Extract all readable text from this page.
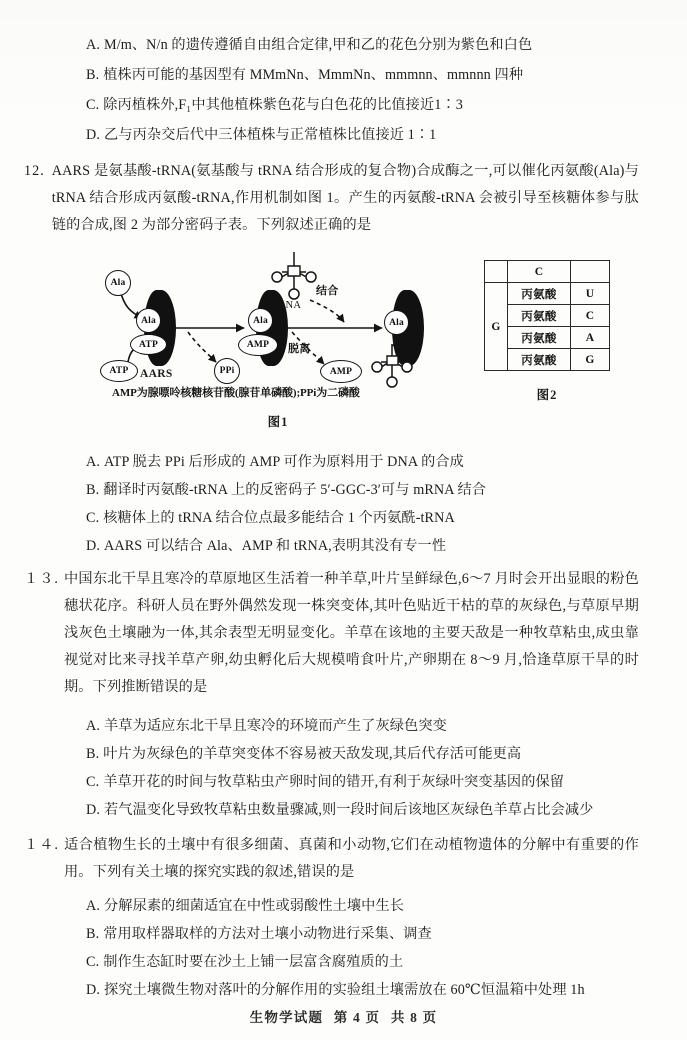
A. M/m、N/n 的遗传遵循自由组合定律,甲和乙的花色分别为紫色和白色
B. 植株丙可能的基因型有 MMmNn、MmmNn、mmmnn、mmnnn 四种
C. 除丙植株外,F₁中其他植株紫色花与白色花的比值接近1∶3
D. 乙与丙杂交后代中三体植株与正常植株比值接近 1∶1
12. AARS 是氨基酸-tRNA(氨基酸与 tRNA 结合形成的复合物)合成酶之一,可以催化丙氨酸(Ala)与 tRNA 结合形成丙氨酸-tRNA,作用机制如图 1。产生的丙氨酸-tRNA 会被引导至核糖体参与肽链的合成,图 2 为部分密码子表。下列叙述正确的是
AARS
Ala
Ala
ATP
ATP	PPi
Ala
AMP
AMP
Ala
tRNA
结合
脱离
AMP为腺嘌呤核糖核苷酸(腺苷单磷酸);PPi为二磷酸
图1
	C	
G	丙氨酸	U
	丙氨酸	C
	丙氨酸	A
	丙氨酸	G
图2
A. ATP 脱去 PPi 后形成的 AMP 可作为原料用于 DNA 的合成
B. 翻译时丙氨酸-tRNA 上的反密码子 5′-GGC-3′可与 mRNA 结合
C. 核糖体上的 tRNA 结合位点最多能结合 1 个丙氨酰-tRNA
D. AARS 可以结合 Ala、AMP 和 tRNA,表明其没有专一性
１３. 中国东北干旱且寒冷的草原地区生活着一种羊草,叶片呈鲜绿色,6～7 月时会开出显眼的粉色穗状花序。科研人员在野外偶然发现一株突变体,其叶色贴近干枯的草的灰绿色,与草原早期浅灰色土壤融为一体,其余表型无明显变化。羊草在该地的主要天敌是一种牧草粘虫,成虫靠视觉对比来寻找羊草产卵,幼虫孵化后大规模啃食叶片,产卵期在 8～9 月,恰逢草原干旱的时期。下列推断错误的是
A. 羊草为适应东北干旱且寒冷的环境而产生了灰绿色突变
B. 叶片为灰绿色的羊草突变体不容易被天敌发现,其后代存活可能更高
C. 羊草开花的时间与牧草粘虫产卵时间的错开,有利于灰绿叶突变基因的保留
D. 若气温变化导致牧草粘虫数量骤减,则一段时间后该地区灰绿色羊草占比会减少
１４. 适合植物生长的土壤中有很多细菌、真菌和小动物,它们在动植物遗体的分解中有重要的作用。下列有关土壤的探究实践的叙述,错误的是
A. 分解尿素的细菌适宜在中性或弱酸性土壤中生长
B. 常用取样器取样的方法对土壤小动物进行采集、调查
C. 制作生态缸时要在沙土上铺一层富含腐殖质的土
D. 探究土壤微生物对落叶的分解作用的实验组土壤需放在 60℃恒温箱中处理 1h
生物学试题 第 4 页 共 8 页
